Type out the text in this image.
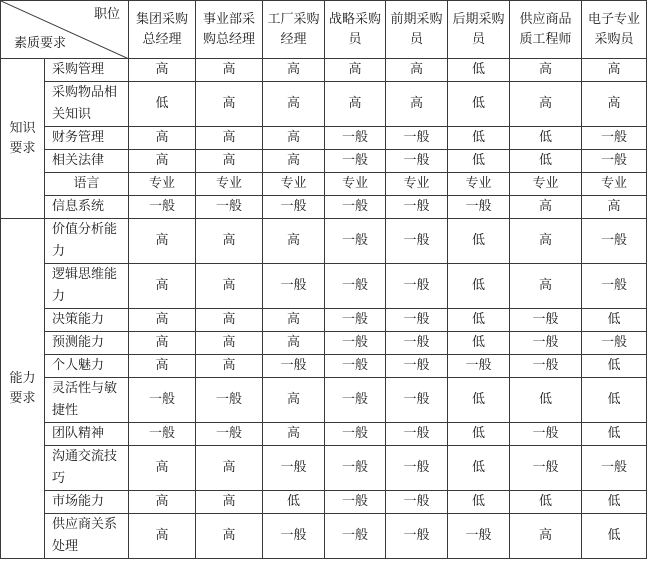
职位
素质要求		集团采购总经理	事业部采购总经理	工厂采购经理	战略采购员	前期采购员	后期采购员	供应商品质工程师	电子专业采购员

知识
要求	采购管理	高	高	高	高	高	低	高	高
	采购物品相关知识	低	高	高	高	高	低	高	高
	财务管理	高	高	高	一般	一般	低	低	一般
	相关法律	高	高	高	一般	一般	低	低	一般
	语言	专业	专业	专业	专业	专业	专业	专业	专业
	信息系统	一般	一般	一般	一般	一般	一般	高	高

能力
要求	价值分析能力	高	高	高	一般	一般	低	高	一般
	逻辑思维能力	高	高	一般	一般	一般	低	高	一般
	决策能力	高	高	高	一般	一般	低	一般	低
	预测能力	高	高	高	一般	一般	低	一般	一般
	个人魅力	高	高	一般	一般	一般	一般	一般	低
	灵活性与敏捷性	一般	一般	高	一般	一般	低	低	低
	团队精神	一般	一般	高	一般	一般	低	一般	低
	沟通交流技巧	高	高	一般	一般	一般	低	一般	一般
	市场能力	高	高	低	一般	一般	低	低	低
	供应商关系处理	高	高	一般	一般	一般	一般	高	低
